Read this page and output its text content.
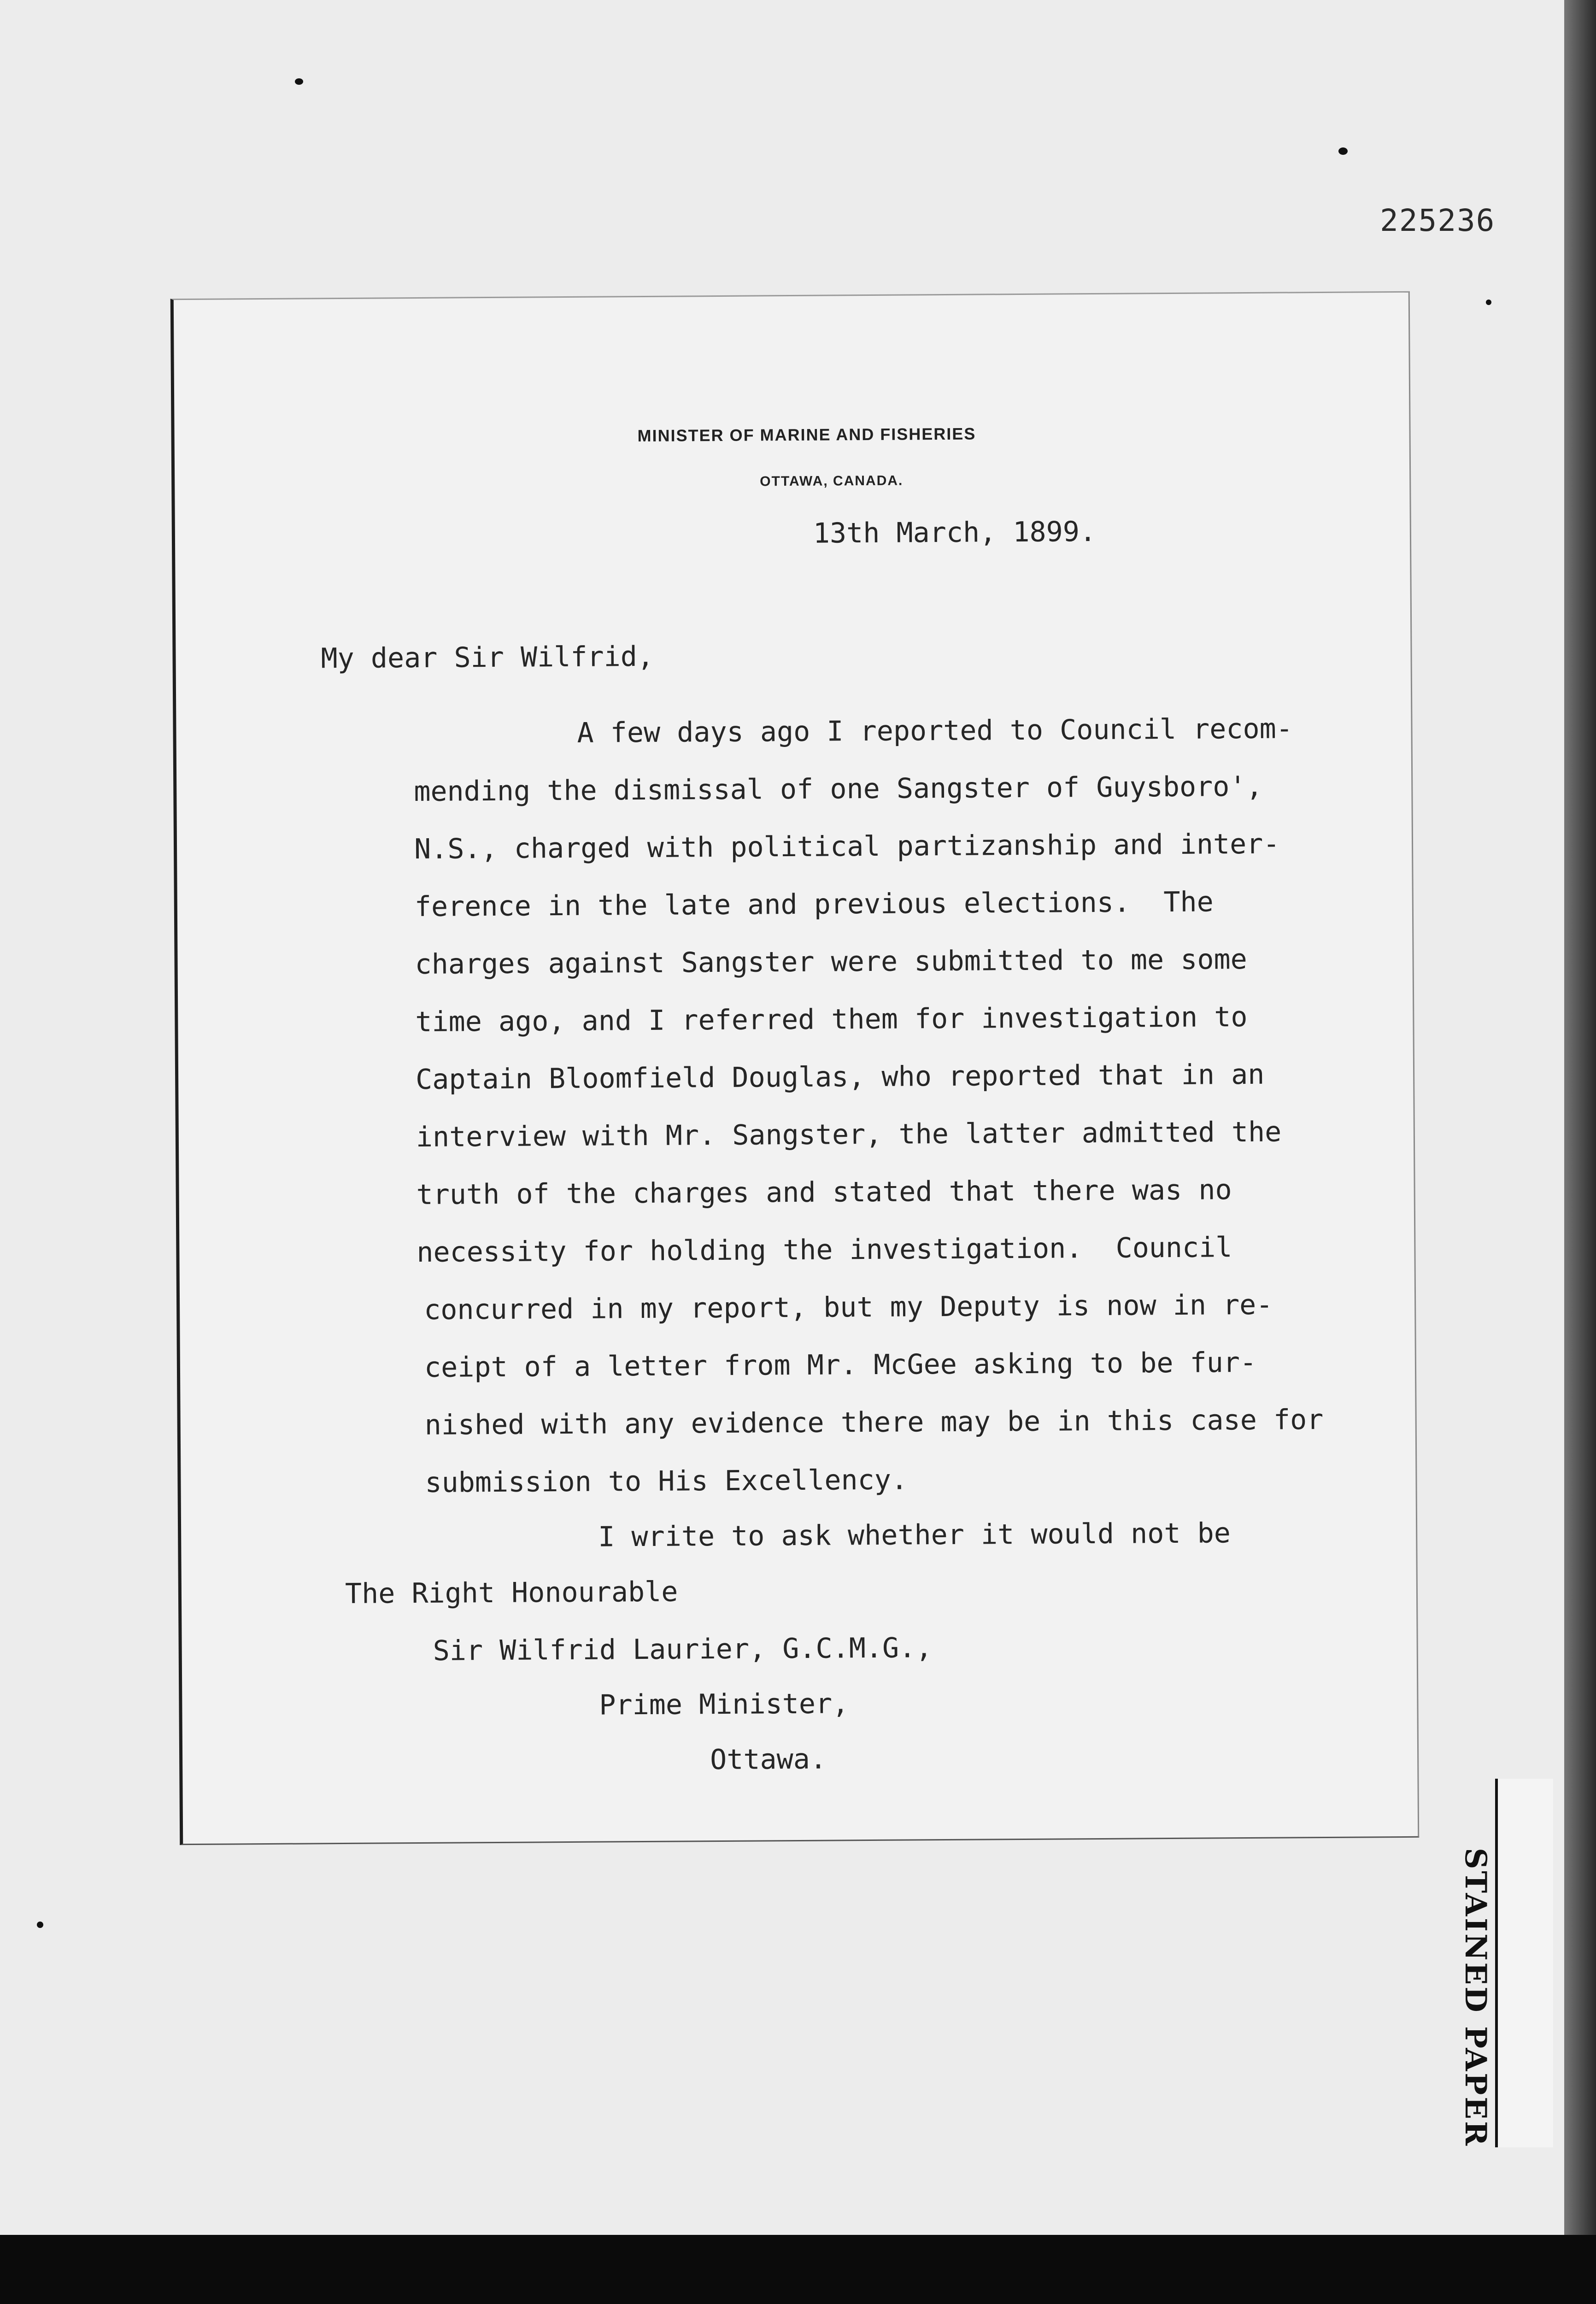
225236
MINISTER OF MARINE AND FISHERIES
OTTAWA, CANADA.
13th March, 1899.
My dear Sir Wilfrid,
A few days ago I reported to Council recom-
mending the dismissal of one Sangster of Guysboro',
N.S., charged with political partizanship and inter-
ference in the late and previous elections.  The
charges against Sangster were submitted to me some
time ago, and I referred them for investigation to
Captain Bloomfield Douglas, who reported that in an
interview with Mr. Sangster, the latter admitted the
truth of the charges and stated that there was no
necessity for holding the investigation.  Council
concurred in my report, but my Deputy is now in re-
ceipt of a letter from Mr. McGee asking to be fur-
nished with any evidence there may be in this case for
submission to His Excellency.
I write to ask whether it would not be
The Right Honourable
Sir Wilfrid Laurier, G.C.M.G.,
Prime Minister,
Ottawa.
STAINED PAPER
